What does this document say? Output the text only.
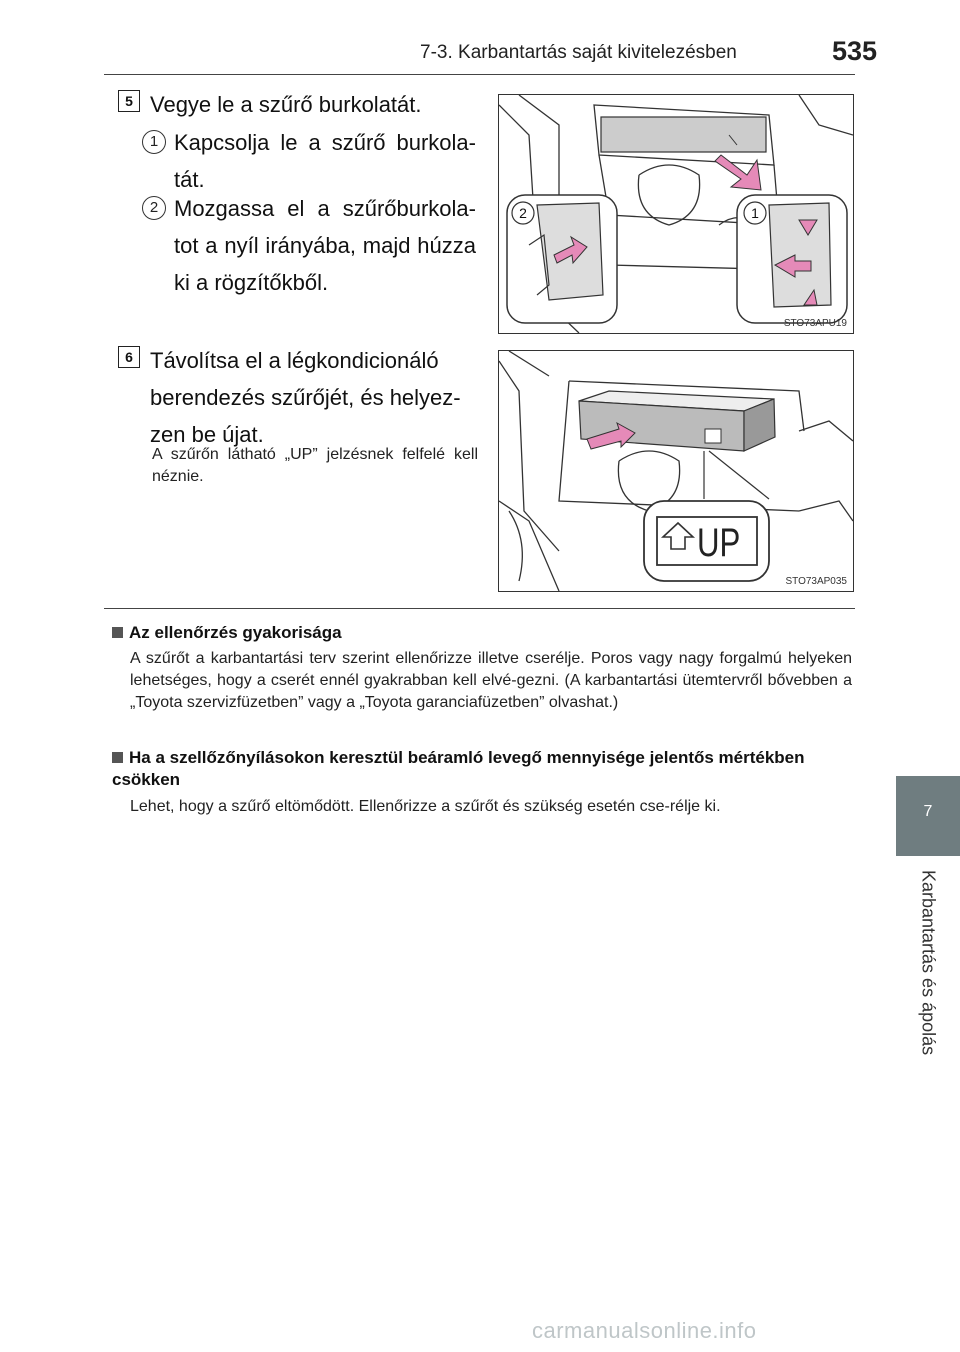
7-3. Karbantartás saját kivitelezésben	535
7
Karbantartás és ápolás
5 Vegye le a szűrő burkolatát.
1 Kapcsolja le a szűrő burkola-tát.
2 Mozgassa el a szűrőburkola-tot a nyíl irányába, majd húzza ki a rögzítőkből.
2	1
STO73APU19
6 Távolítsa el a légkondicionáló berendezés szűrőjét, és helyez-zen be újat.
A szűrőn látható „UP” jelzésnek felfelé kell néznie.
UP
STO73AP035
Az ellenőrzés gyakorisága
A szűrőt a karbantartási terv szerint ellenőrizze illetve cserélje. Poros vagy nagy forgalmú helyeken lehetséges, hogy a cserét ennél gyakrabban kell elvé-gezni. (A karbantartási ütemtervről bővebben a „Toyota szervizfüzetben” vagy a „Toyota garanciafüzetben” olvashat.)
Ha a szellőzőnyílásokon keresztül beáramló levegő mennyisége jelentős mértékben csökken
Lehet, hogy a szűrő eltömődött. Ellenőrizze a szűrőt és szükség esetén cse-rélje ki.
carmanualsonline.info
